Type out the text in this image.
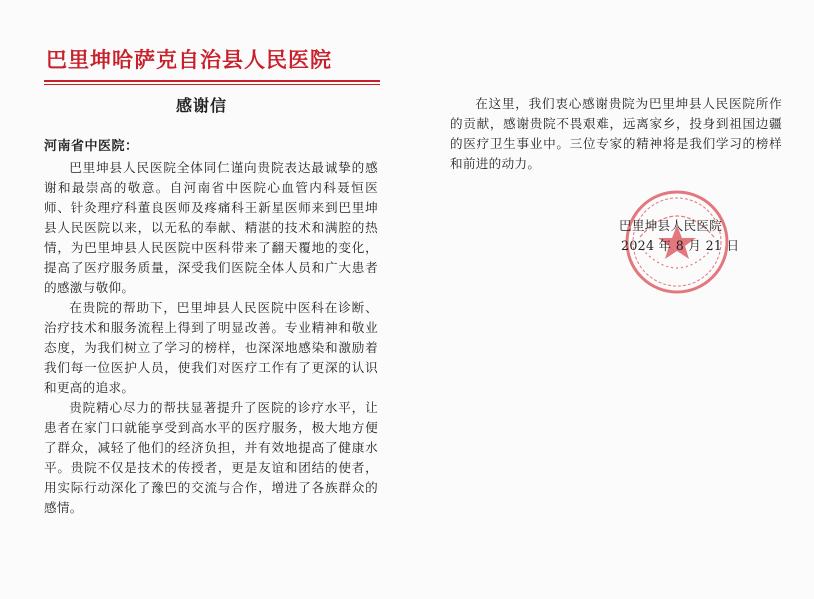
巴里坤哈萨克自治县人民医院
感谢信
河南省中医院：

巴里坤县人民医院全体同仁谨向贵院表达最诚挚的感谢和最崇高的敬意。自河南省中医院心血管内科聂恒医师、针灸理疗科董良医师及疼痛科王新星医师来到巴里坤县人民医院以来，以无私的奉献、精湛的技术和满腔的热情，为巴里坤县人民医院中医科带来了翻天覆地的变化，提高了医疗服务质量，深受我们医院全体人员和广大患者的感激与敬仰。

在贵院的帮助下，巴里坤县人民医院中医科在诊断、治疗技术和服务流程上得到了明显改善。专业精神和敬业态度，为我们树立了学习的榜样，也深深地感染和激励着我们每一位医护人员，使我们对医疗工作有了更深的认识和更高的追求。

贵院精心尽力的帮扶显著提升了医院的诊疗水平，让患者在家门口就能享受到高水平的医疗服务，极大地方便了群众，减轻了他们的经济负担，并有效地提高了健康水平。贵院不仅是技术的传授者，更是友谊和团结的使者，用实际行动深化了豫巴的交流与合作，增进了各族群众的感情。

在这里，我们衷心感谢贵院为巴里坤县人民医院所作的贡献，感谢贵院不畏艰难，远离家乡，投身到祖国边疆的医疗卫生事业中。三位专家的精神将是我们学习的榜样和前进的动力。

巴里坤县人民医院
2024 年 8 月 21 日
